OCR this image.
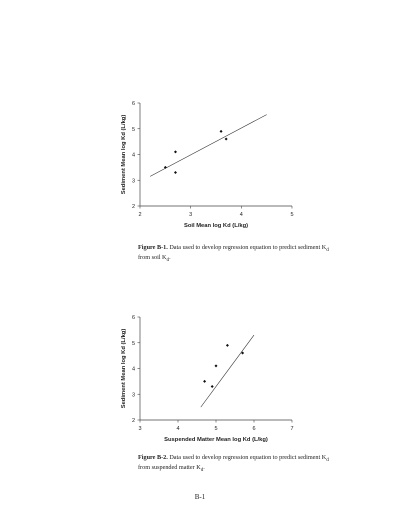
2	3	4	5
2
3
4
5
6
Soil Mean log Kd (L/kg)
Sediment Mean log Kd (L/kg)
3	4	5	6	7
2
3
4
5
6
Suspended Matter Mean log Kd (L/kg)
Sediment Mean log Kd (L/kg)
Figure B-1. Data used to develop regression equation to predict sediment $K_d$ from soil $K_d$.
Figure B-2. Data used to develop regression equation to predict sediment $K_d$ from suspended matter $K_d$.
B-1
